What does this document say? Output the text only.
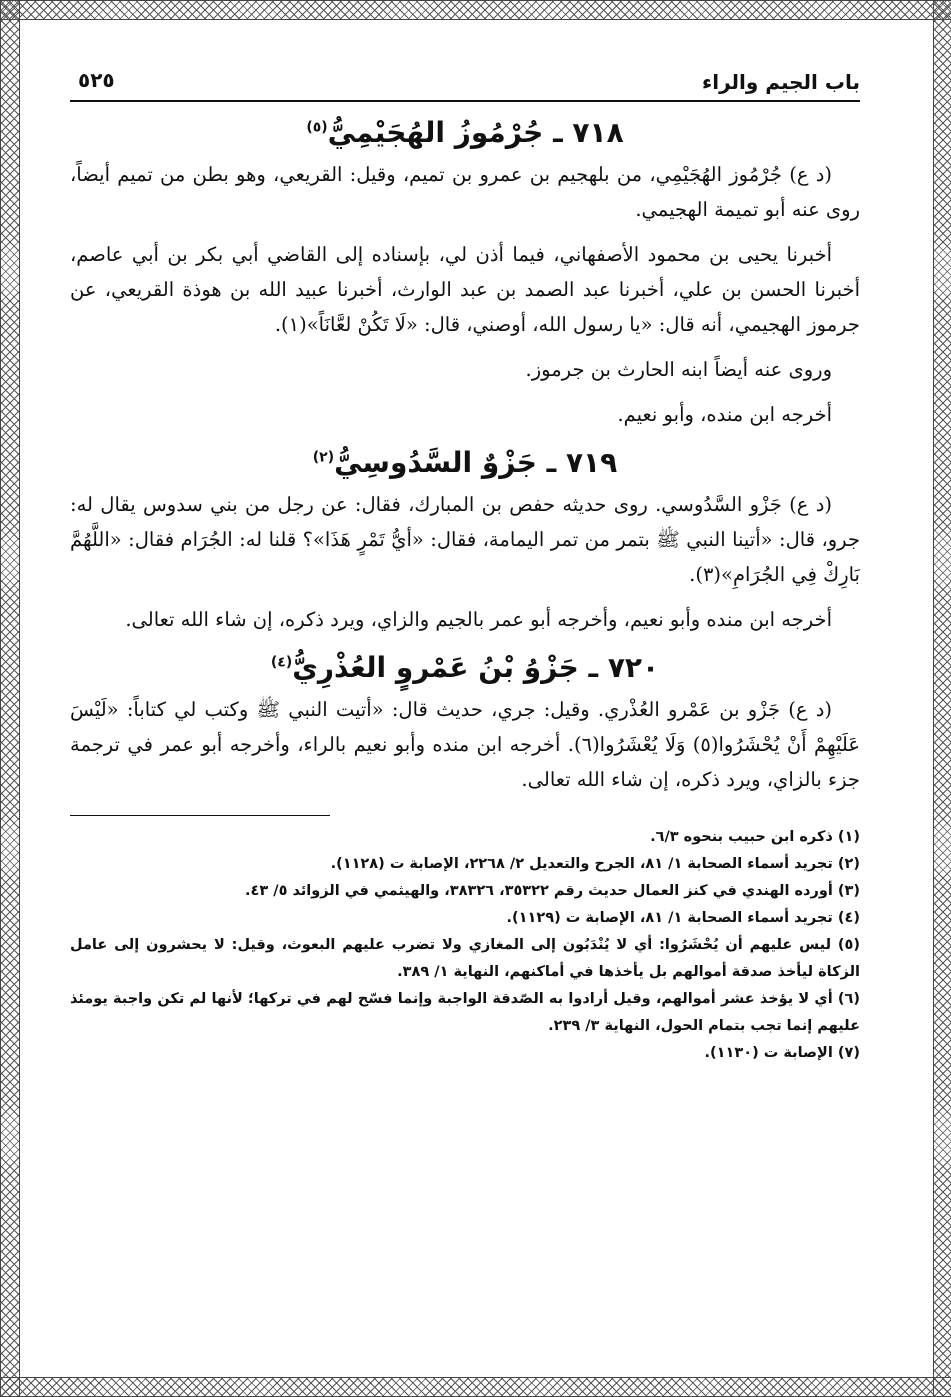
باب الجيم والراء
٥٢٥
٧١٨ ـ جُرْمُوزُ الهُجَيْمِيُّ$^{(٥)}$

(د ع) جُرْمُوز الهُجَيْمِي، من بلهجيم بن عمرو بن تميم، وقيل: القريعي، وهو بطن من تميم أيضاً، روى عنه أبو تميمة الهجيمي.

أخبرنا يحيى بن محمود الأصفهاني، فيما أذن لي، بإسناده إلى القاضي أبي بكر بن أبي عاصم، أخبرنا الحسن بن علي، أخبرنا عبد الصمد بن عبد الوارث، أخبرنا عبيد الله بن هوذة القريعي، عن جرموز الهجيمي، أنه قال: «يا رسول الله، أوصني، قال: «لَا تَكُنْ لعَّانَاً»(١).

وروى عنه أيضاً ابنه الحارث بن جرموز.

أخرجه ابن منده، وأبو نعيم.

٧١٩ ـ جَزْوٌ السَّدُوسِيُّ$^{(٢)}$

(د ع) جَزْو السَّدُوسي. روى حديثه حفص بن المبارك، فقال: عن رجل من بني سدوس يقال له: جرو، قال: «أتينا النبي ﷺ بتمر من تمر اليمامة، فقال: «أيُّ تَمْرٍ هَذَا»؟ قلنا له: الجُرَام فقال: «اللَّهُمَّ بَارِكْ فِي الجُرَامِ»(٣).

أخرجه ابن منده وأبو نعيم، وأخرجه أبو عمر بالجيم والزاي، ويرد ذكره، إن شاء الله تعالى.

٧٢٠ ـ جَزْوُ بْنُ عَمْروٍ العُذْرِيُّ$^{(٤)}$

(د ع) جَزْو بن عَمْرو العُذْري. وقيل: جري، حديث قال: «أتيت النبي ﷺ وكتب لي كتاباً: «لَيْسَ عَلَيْهِمْ أَنْ يُحْشَرُوا(٥) وَلَا يُعْشَرُوا(٦). أخرجه ابن منده وأبو نعيم بالراء، وأخرجه أبو عمر في ترجمة جزء بالزاي، ويرد ذكره، إن شاء الله تعالى.

(١) ذكره ابن حبيب بنحوه ٦/٣.

(٢) تجريد أسماء الصحابة ١/ ٨١، الجرح والتعديل ٢/ ٢٢٦٨، الإصابة ت (١١٢٨).

(٣) أورده الهندي في كنز العمال حديث رقم ٣٥٣٢٢، ٣٨٣٢٦، والهيثمي في الزوائد ٥/ ٤٣.

(٤) تجريد أسماء الصحابة ١/ ٨١، الإصابة ت (١١٢٩).

(٥) ليس عليهم أن يُحْشَرُوا: أي لا يُنْدَبُون إلى المغازي ولا تضرب عليهم البعوث، وقيل: لا يحشرون إلى عامل الزكاة ليأخذ صدقة أموالهم بل يأخذها في أماكنهم، النهاية ١/ ٣٨٩.

(٦) أي لا يؤخذ عشر أموالهم، وقيل أرادوا به الصّدقة الواجبة وإنما فسّح لهم في تركها؛ لأنها لم تكن واجبة يومئذ عليهم إنما تجب بتمام الحول، النهاية ٣/ ٢٣٩.

(٧) الإصابة ت (١١٣٠).
